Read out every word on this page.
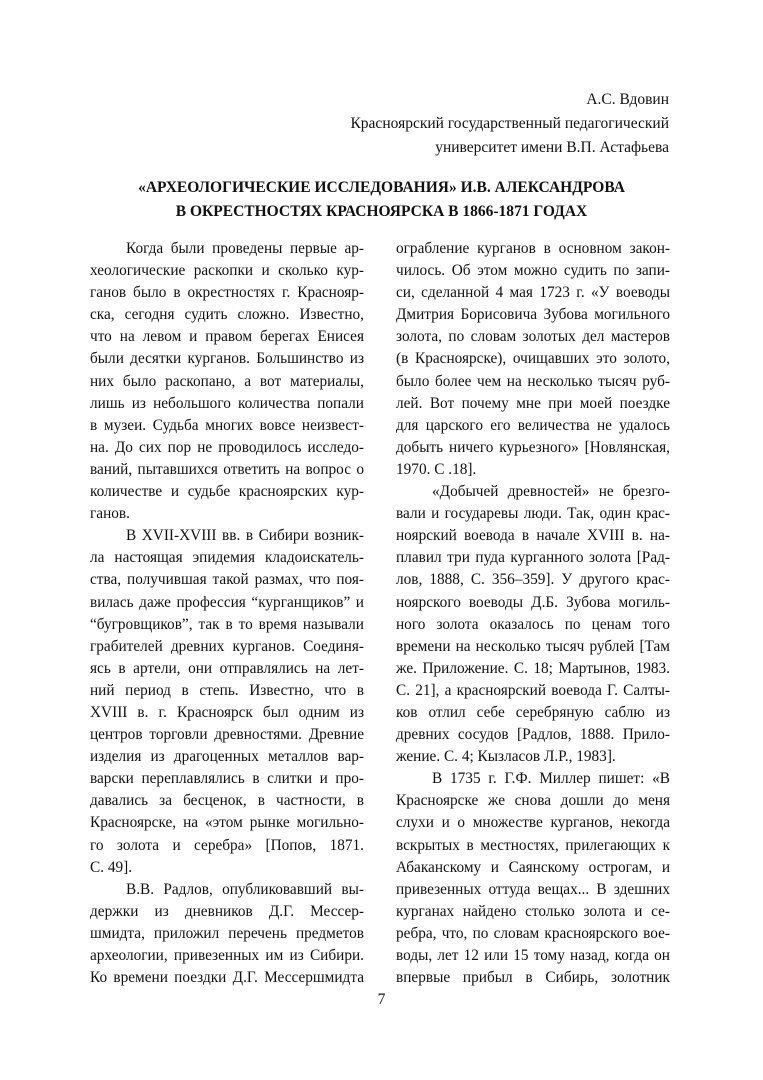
А.С. Вдовин
Красноярский государственный педагогический
университет имени В.П. Астафьева
«АРХЕОЛОГИЧЕСКИЕ ИССЛЕДОВАНИЯ» И.В. АЛЕКСАНДРОВА
В ОКРЕСТНОСТЯХ КРАСНОЯРСКА В 1866-1871 ГОДАХ
Когда были проведены первые ар-
хеологические раскопки и сколько кур-
ганов было в окрестностях г. Краснояр-
ска, сегодня судить сложно. Известно,
что на левом и правом берегах Енисея
были десятки курганов. Большинство из
них было раскопано, а вот материалы,
лишь из небольшого количества попали
в музеи. Судьба многих вовсе неизвест-
на. До сих пор не проводилось исследо-
ваний, пытавшихся ответить на вопрос о
количестве и судьбе красноярских кур-
ганов.
В XVII-XVIII вв. в Сибири возник-
ла настоящая эпидемия кладоискатель-
ства, получившая такой размах, что поя-
вилась даже профессия “курганщиков” и
“бугровщиков”, так в то время называли
грабителей древних курганов. Соединя-
ясь в артели, они отправлялись на лет-
ний период в степь. Известно, что в
XVIII в. г. Красноярск был одним из
центров торговли древностями. Древние
изделия из драгоценных металлов вар-
варски переплавлялись в слитки и про-
давались за бесценок, в частности, в
Красноярске, на «этом рынке могильно-
го золота и серебра» [Попов, 1871.
С. 49].
В.В. Радлов, опубликовавший вы-
держки из дневников Д.Г. Мессер-
шмидта, приложил перечень предметов
археологии, привезенных им из Сибири.
Ко времени поездки Д.Г. Мессершмидта
ограбление курганов в основном закон-
чилось. Об этом можно судить по запи-
си, сделанной 4 мая 1723 г. «У воеводы
Дмитрия Борисовича Зубова могильного
золота, по словам золотых дел мастеров
(в Красноярске), очищавших это золото,
было более чем на несколько тысяч руб-
лей. Вот почему мне при моей поездке
для царского его величества не удалось
добыть ничего курьезного» [Новлянская,
1970. С .18].
«Добычей древностей» не брезго-
вали и государевы люди. Так, один крас-
ноярский воевода в начале XVIII в. на-
плавил три пуда курганного золота [Рад-
лов, 1888, С. 356–359]. У другого крас-
ноярского воеводы Д.Б. Зубова могиль-
ного золота оказалось по ценам того
времени на несколько тысяч рублей [Там
же. Приложение. С. 18; Мартынов, 1983.
С. 21], а красноярский воевода Г. Салты-
ков отлил себе серебряную саблю из
древних сосудов [Радлов, 1888. Прило-
жение. С. 4; Кызласов Л.Р., 1983].
В 1735 г. Г.Ф. Миллер пишет: «В
Красноярске же снова дошли до меня
слухи и о множестве курганов, некогда
вскрытых в местностях, прилегающих к
Абаканскому и Саянскому острогам, и
привезенных оттуда вещах... В здешних
курганах найдено столько золота и се-
ребра, что, по словам красноярского вое-
воды, лет 12 или 15 тому назад, когда он
впервые прибыл в Сибирь, золотник
7
